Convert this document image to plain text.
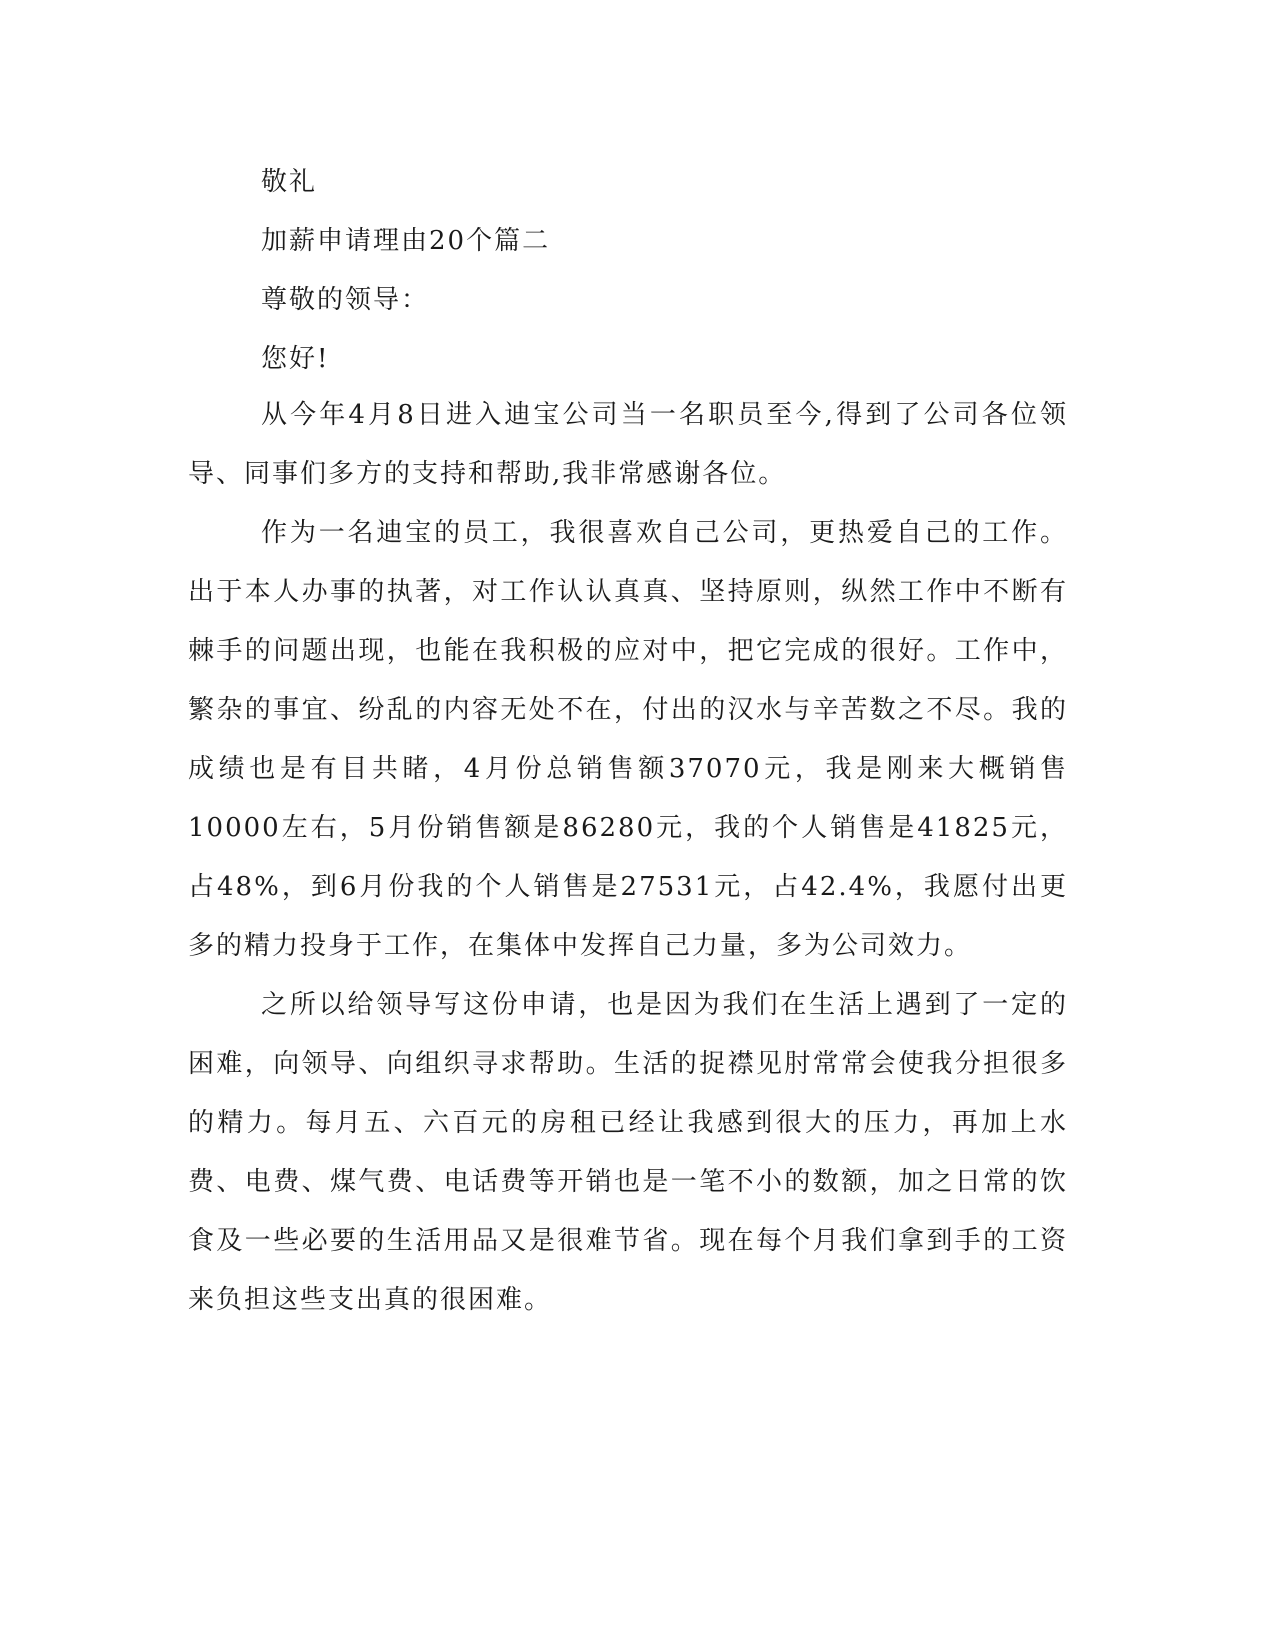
敬礼
加薪申请理由20个篇二
尊敬的领导：
您好!

从今年4月8日进入迪宝公司当一名职员至今,得到了公司各位领导、同事们多方的支持和帮助,我非常感谢各位。

作为一名迪宝的员工，我很喜欢自己公司，更热爱自己的工作。出于本人办事的执著，对工作认认真真、坚持原则，纵然工作中不断有棘手的问题出现，也能在我积极的应对中，把它完成的很好。工作中，繁杂的事宜、纷乱的内容无处不在，付出的汉水与辛苦数之不尽。我的成绩也是有目共睹，4月份总销售额37070元，我是刚来大概销售10000左右，5月份销售额是86280元，我的个人销售是41825元，占48%，到6月份我的个人销售是27531元，占42.4%，我愿付出更多的精力投身于工作，在集体中发挥自己力量，多为公司效力。

之所以给领导写这份申请，也是因为我们在生活上遇到了一定的困难，向领导、向组织寻求帮助。生活的捉襟见肘常常会使我分担很多的精力。每月五、六百元的房租已经让我感到很大的压力，再加上水费、电费、煤气费、电话费等开销也是一笔不小的数额，加之日常的饮食及一些必要的生活用品又是很难节省。现在每个月我们拿到手的工资来负担这些支出真的很困难。
